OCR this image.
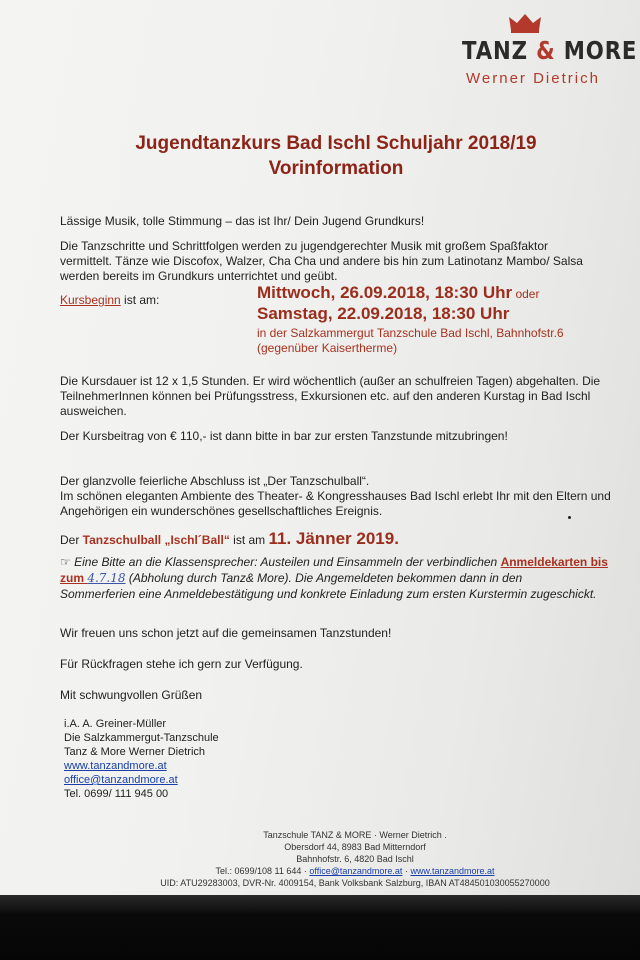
TANZ & MORE
Werner Dietrich
Jugendtanzkurs Bad Ischl Schuljahr 2018/19
Vorinformation
Lässige Musik, tolle Stimmung – das ist Ihr/ Dein Jugend Grundkurs!
Die Tanzschritte und Schrittfolgen werden zu jugendgerechter Musik mit großem Spaßfaktor
vermittelt. Tänze wie Discofox, Walzer, Cha Cha und andere bis hin zum Latinotanz Mambo/ Salsa
werden bereits im Grundkurs unterrichtet und geübt.
Kursbeginn ist am:	Mittwoch, 26.09.2018, 18:30 Uhr oder
Samstag, 22.09.2018, 18:30 Uhr
in der Salzkammergut Tanzschule Bad Ischl, Bahnhofstr.6
(gegenüber Kaisertherme)
Die Kursdauer ist 12 x 1,5 Stunden. Er wird wöchentlich (außer an schulfreien Tagen) abgehalten. Die
TeilnehmerInnen können bei Prüfungsstress, Exkursionen etc. auf den anderen Kurstag in Bad Ischl
ausweichen.
Der Kursbeitrag von € 110,- ist dann bitte in bar zur ersten Tanzstunde mitzubringen!
Der glanzvolle feierliche Abschluss ist „Der Tanzschulball“.
Im schönen eleganten Ambiente des Theater- & Kongresshauses Bad Ischl erlebt Ihr mit den Eltern und
Angehörigen ein wunderschönes gesellschaftliches Ereignis.
Der Tanzschulball „Ischl´Ball“ ist am 11. Jänner 2019.
☞ Eine Bitte an die Klassensprecher: Austeilen und Einsammeln der verbindlichen Anmeldekarten bis
zum 4.7.18 (Abholung durch Tanz& More). Die Angemeldeten bekommen dann in den
Sommerferien eine Anmeldebestätigung und konkrete Einladung zum ersten Kurstermin zugeschickt.
Wir freuen uns schon jetzt auf die gemeinsamen Tanzstunden!
Für Rückfragen stehe ich gern zur Verfügung.
Mit schwungvollen Grüßen
i.A. A. Greiner-Müller
Die Salzkammergut-Tanzschule
Tanz & More Werner Dietrich
www.tanzandmore.at
office@tanzandmore.at
Tel. 0699/ 111 945 00
Tanzschule TANZ & MORE · Werner Dietrich .
Obersdorf 44, 8983 Bad Mitterndorf
Bahnhofstr. 6, 4820 Bad Ischl
Tel.: 0699/108 11 644 · office@tanzandmore.at · www.tanzandmore.at
UID: ATU29283003, DVR-Nr. 4009154, Bank Volksbank Salzburg, IBAN AT484501030055270000
